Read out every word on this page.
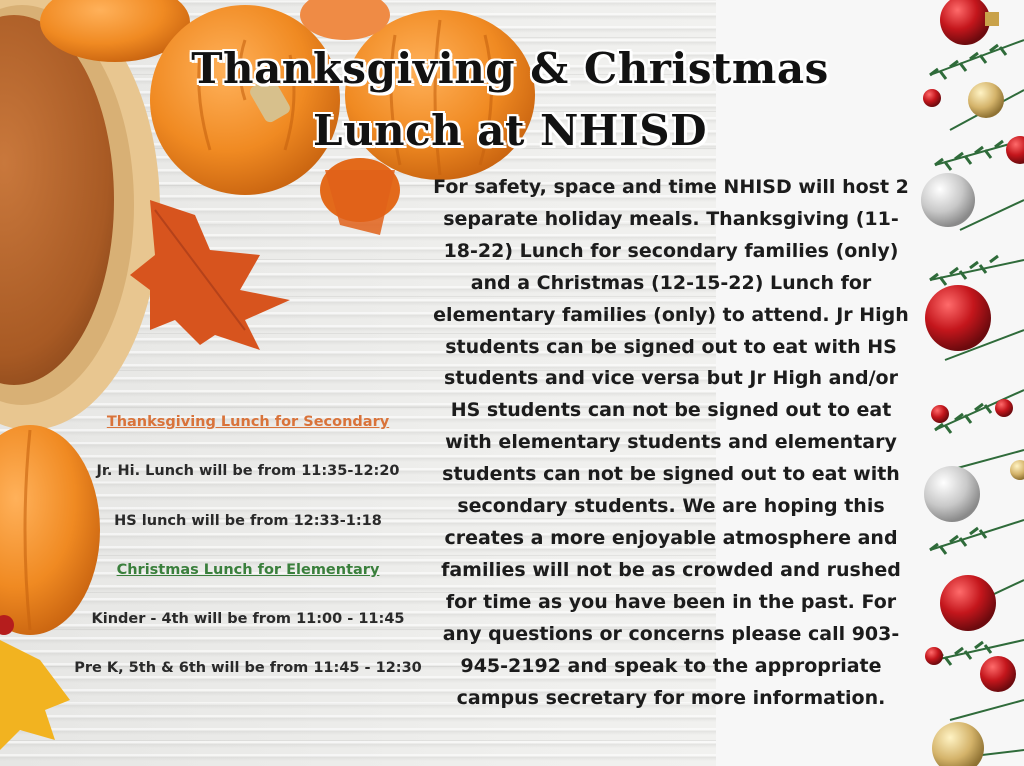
Thanksgiving & Christmas
Lunch at NHISD

For safety, space and time NHISD will host 2 separate holiday meals. Thanksgiving (11-18-22) Lunch for secondary families (only) and a Christmas (12-15-22) Lunch for elementary families (only) to attend. Jr High students can be signed out to eat with HS students and vice versa but Jr High and/or HS students can not be signed out to eat with elementary students and elementary students can not be signed out to eat with secondary students. We are hoping this creates a more enjoyable atmosphere and families will not be as crowded and rushed for time as you have been in the past. For any questions or concerns please call 903-945-2192 and speak to the appropriate campus secretary for more information.

Thanksgiving Lunch for Secondary

Jr. Hi. Lunch will be from 11:35-12:20

HS lunch will be from 12:33-1:18

Christmas Lunch for Elementary

Kinder - 4th will be from 11:00 - 11:45

Pre K, 5th & 6th will be from 11:45 - 12:30
